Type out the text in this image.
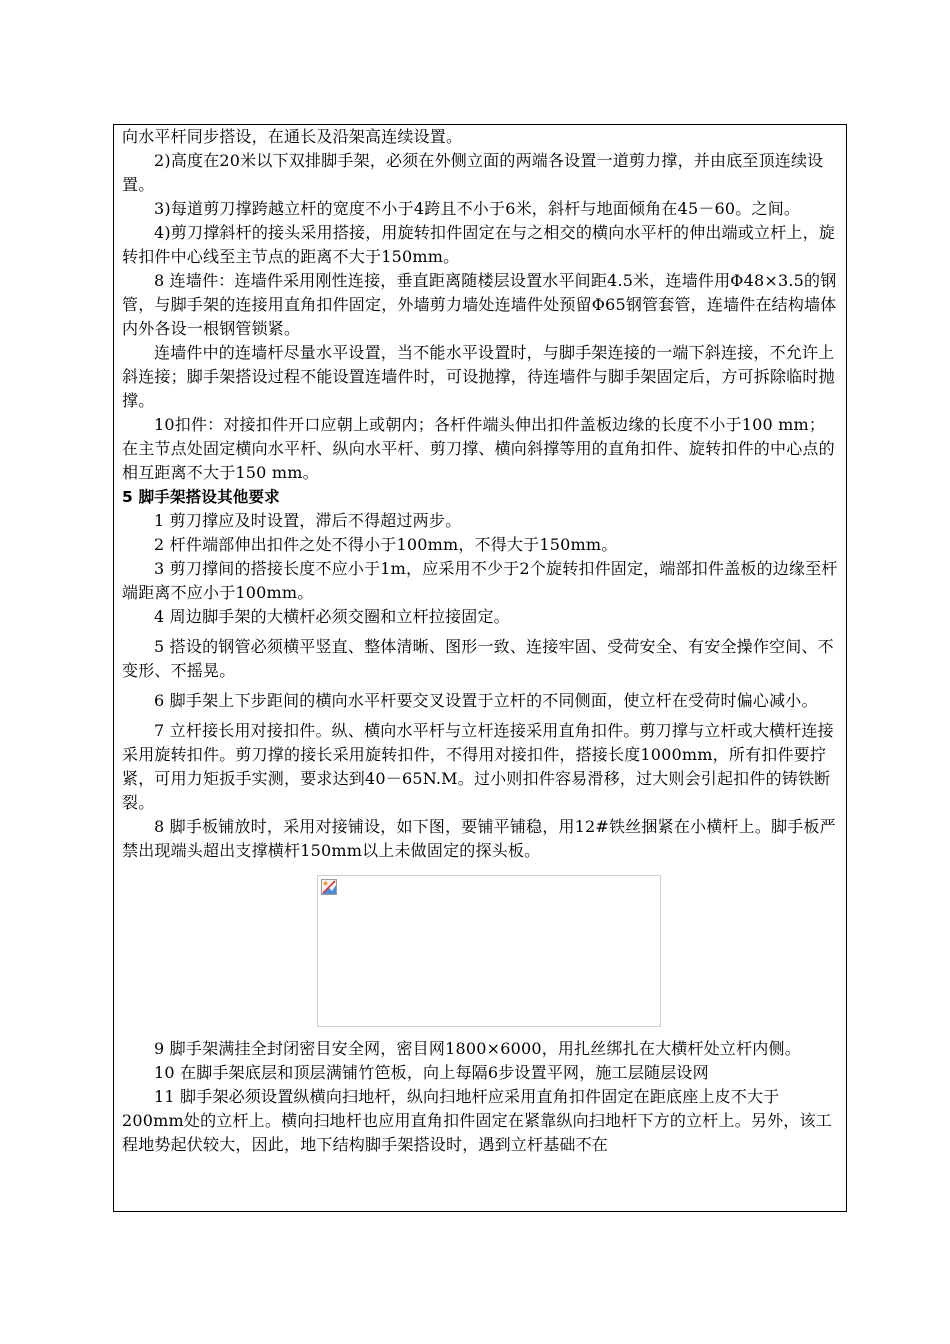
向水平杆同步搭设，在通长及沿架高连续设置。

2)高度在20米以下双排脚手架，必须在外侧立面的两端各设置一道剪力撑，并由底至顶连续设置。

3)每道剪刀撑跨越立杆的宽度不小于4跨且不小于6米，斜杆与地面倾角在45－60。之间。

4)剪刀撑斜杆的接头采用搭接，用旋转扣件固定在与之相交的横向水平杆的伸出端或立杆上，旋转扣件中心线至主节点的距离不大于150mm。

8 连墙件：连墙件采用刚性连接，垂直距离随楼层设置水平间距4.5米，连墙件用Φ48×3.5的钢管，与脚手架的连接用直角扣件固定，外墙剪力墙处连墙件处预留Φ65钢管套管，连墙件在结构墙体内外各设一根钢管锁紧。

连墙件中的连墙杆尽量水平设置，当不能水平设置时，与脚手架连接的一端下斜连接，不允许上斜连接；脚手架搭设过程不能设置连墙件时，可设抛撑，待连墙件与脚手架固定后，方可拆除临时抛撑。

10扣件：对接扣件开口应朝上或朝内；各杆件端头伸出扣件盖板边缘的长度不小于100 mm；在主节点处固定横向水平杆、纵向水平杆、剪刀撑、横向斜撑等用的直角扣件、旋转扣件的中心点的相互距离不大于150 mm。

5 脚手架搭设其他要求

1 剪刀撑应及时设置，滞后不得超过两步。

2 杆件端部伸出扣件之处不得小于100mm，不得大于150mm。

3 剪刀撑间的搭接长度不应小于1m，应采用不少于2个旋转扣件固定，端部扣件盖板的边缘至杆端距离不应小于100mm。

4 周边脚手架的大横杆必须交圈和立杆拉接固定。

5 搭设的钢管必须横平竖直、整体清晰、图形一致、连接牢固、受荷安全、有安全操作空间、不变形、不摇晃。

6 脚手架上下步距间的横向水平杆要交叉设置于立杆的不同侧面，使立杆在受荷时偏心减小。

7 立杆接长用对接扣件。纵、横向水平杆与立杆连接采用直角扣件。剪刀撑与立杆或大横杆连接采用旋转扣件。剪刀撑的接长采用旋转扣件，不得用对接扣件，搭接长度1000mm，所有扣件要拧紧，可用力矩扳手实测，要求达到40－65N.M。过小则扣件容易滑移，过大则会引起扣件的铸铁断裂。

8 脚手板铺放时，采用对接铺设，如下图，要铺平铺稳，用12#铁丝捆紧在小横杆上。脚手板严禁出现端头超出支撑横杆150mm以上未做固定的探头板。

9 脚手架满挂全封闭密目安全网，密目网1800×6000，用扎丝绑扎在大横杆处立杆内侧。

10 在脚手架底层和顶层满铺竹笆板，向上每隔6步设置平网，施工层随层设网

11 脚手架必须设置纵横向扫地杆，纵向扫地杆应采用直角扣件固定在距底座上皮不大于200mm处的立杆上。横向扫地杆也应用直角扣件固定在紧靠纵向扫地杆下方的立杆上。另外，该工程地势起伏较大，因此，地下结构脚手架搭设时，遇到立杆基础不在
